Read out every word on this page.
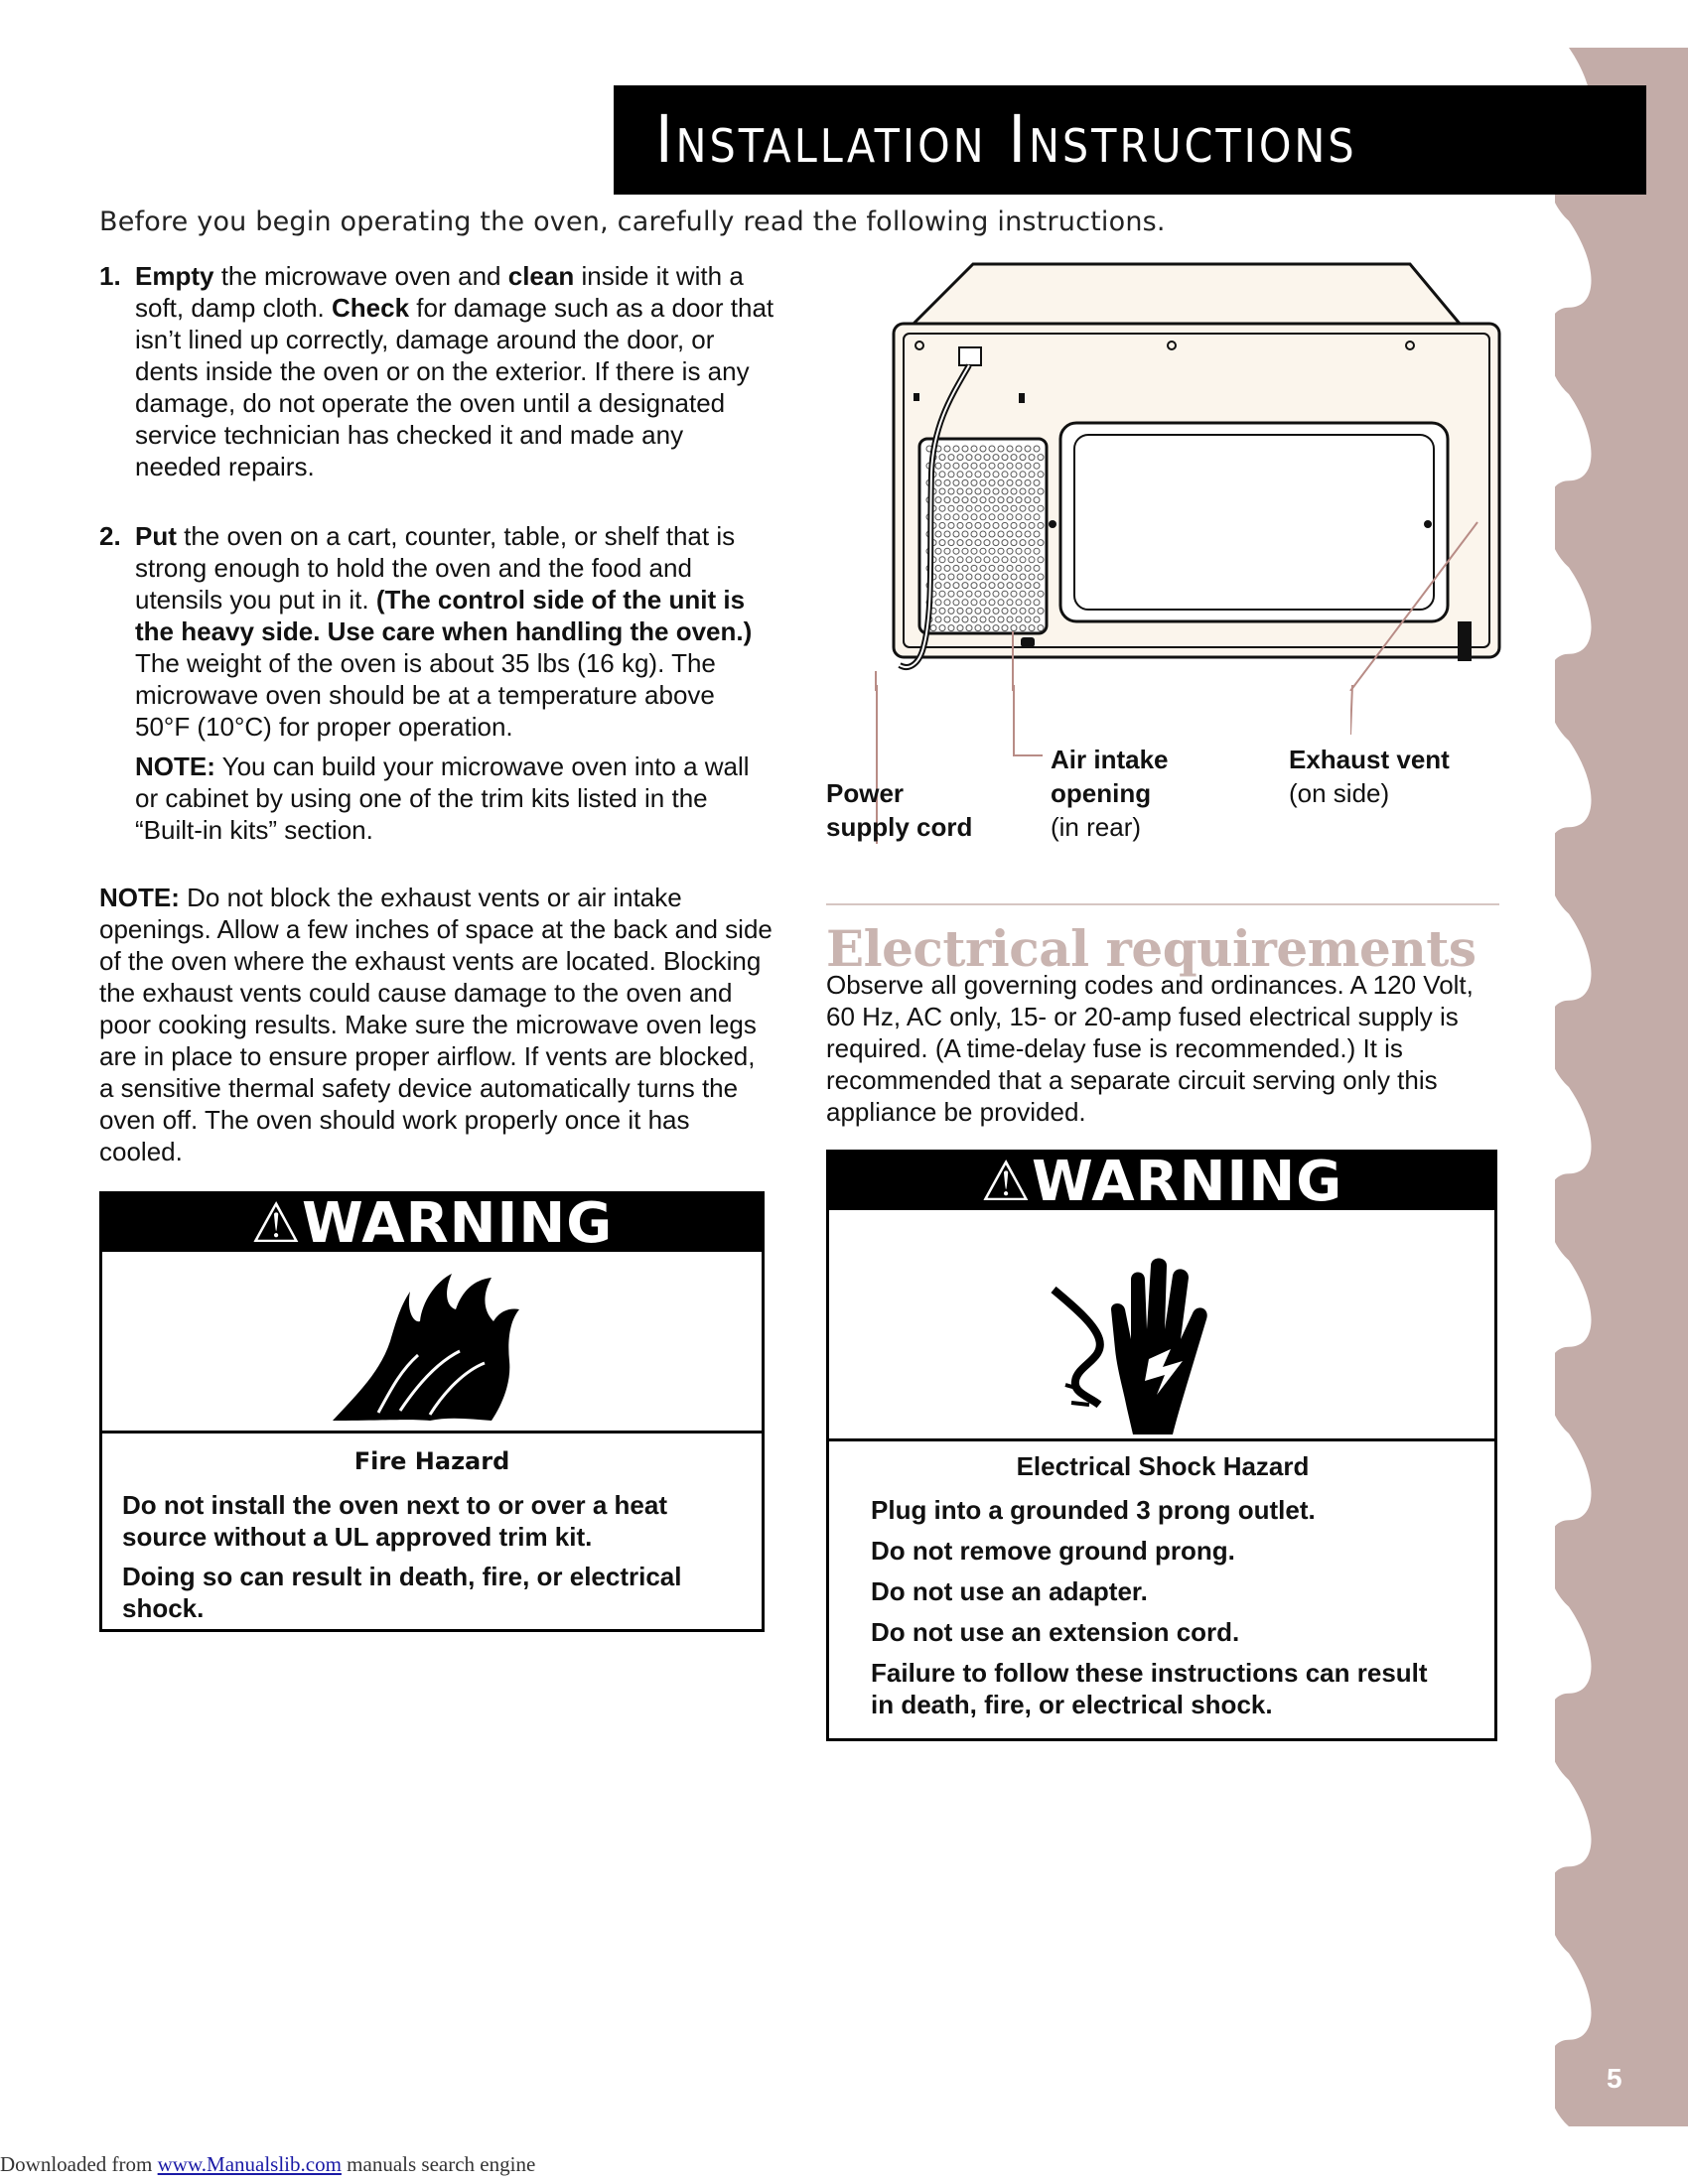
Installation Instructions
Before you begin operating the oven, carefully read the following instructions.
1. Empty the microwave oven and clean inside it with a soft, damp cloth. Check for damage such as a door that isn’t lined up correctly, damage around the door, or dents inside the oven or on the exterior. If there is any damage, do not operate the oven until a designated service technician has checked it and made any needed repairs.
2. Put the oven on a cart, counter, table, or shelf that is strong enough to hold the oven and the food and utensils you put in it. (The control side of the unit is the heavy side. Use care when handling the oven.) The weight of the oven is about 35 lbs (16 kg). The microwave oven should be at a temperature above 50°F (10°C) for proper operation.
NOTE: You can build your microwave oven into a wall or cabinet by using one of the trim kits listed in the “Built-in kits” section.
NOTE: Do not block the exhaust vents or air intake openings. Allow a few inches of space at the back and side of the oven where the exhaust vents are located. Blocking the exhaust vents could cause damage to the oven and poor cooking results. Make sure the microwave oven legs are in place to ensure proper airflow. If vents are blocked, a sensitive thermal safety device automatically turns the oven off. The oven should work properly once it has cooled.
⚠WARNING
Fire Hazard
Do not install the oven next to or over a heat source without a UL approved trim kit.
Doing so can result in death, fire, or electrical shock.
Power
supply cord
Air intake
opening
(in rear)
Exhaust vent
(on side)
Electrical requirements
Observe all governing codes and ordinances. A 120 Volt, 60 Hz, AC only, 15- or 20-amp fused electrical supply is required. (A time-delay fuse is recommended.) It is recommended that a separate circuit serving only this appliance be provided.
⚠WARNING
Electrical Shock Hazard
Plug into a grounded 3 prong outlet.
Do not remove ground prong.
Do not use an adapter.
Do not use an extension cord.
Failure to follow these instructions can result in death, fire, or electrical shock.
5
Downloaded from www.Manualslib.com manuals search engine
